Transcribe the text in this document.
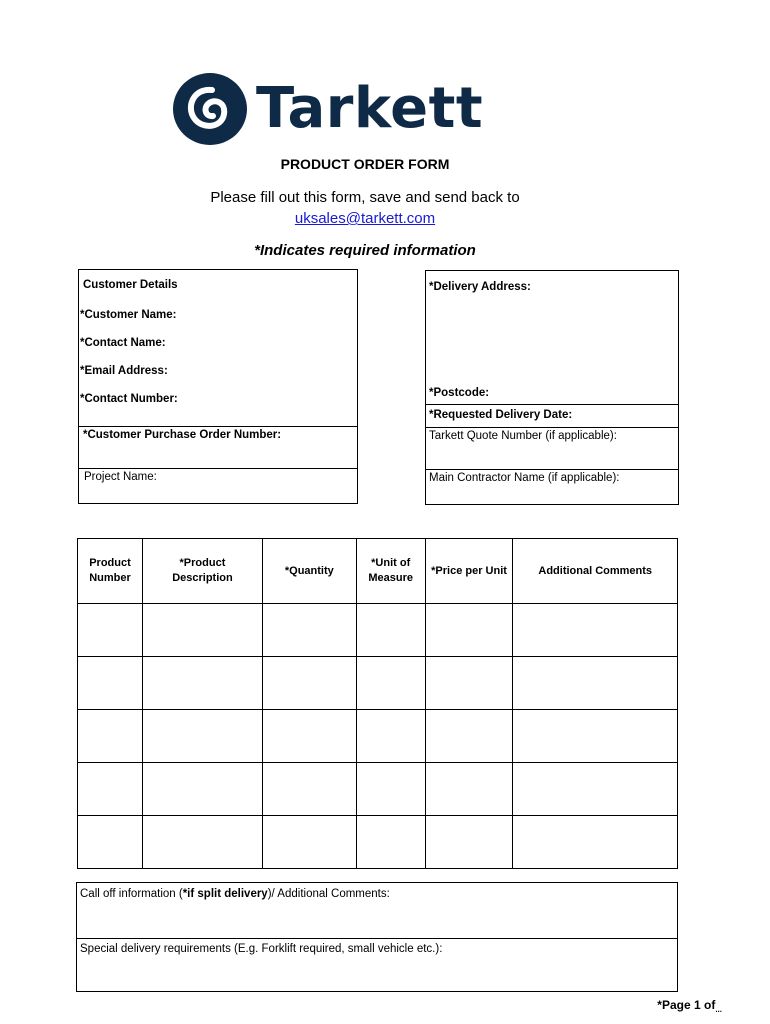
Tarkett
PRODUCT ORDER FORM
Please fill out this form, save and send back to
uksales@tarkett.com
*Indicates required information
Customer Details
*Customer Name:
*Contact Name:
*Email Address:
*Contact Number:
*Customer Purchase Order Number:
Project Name:
*Delivery Address:
*Postcode:
*Requested Delivery Date:
Tarkett Quote Number (if applicable):
Main Contractor Name (if applicable):
Product Number	*Product Description	*Quantity	*Unit of Measure	*Price per Unit	Additional Comments

Call off information (*if split delivery)/ Additional Comments:
Special delivery requirements (E.g. Forklift required, small vehicle etc.):
*Page 1 $of_{...}$
